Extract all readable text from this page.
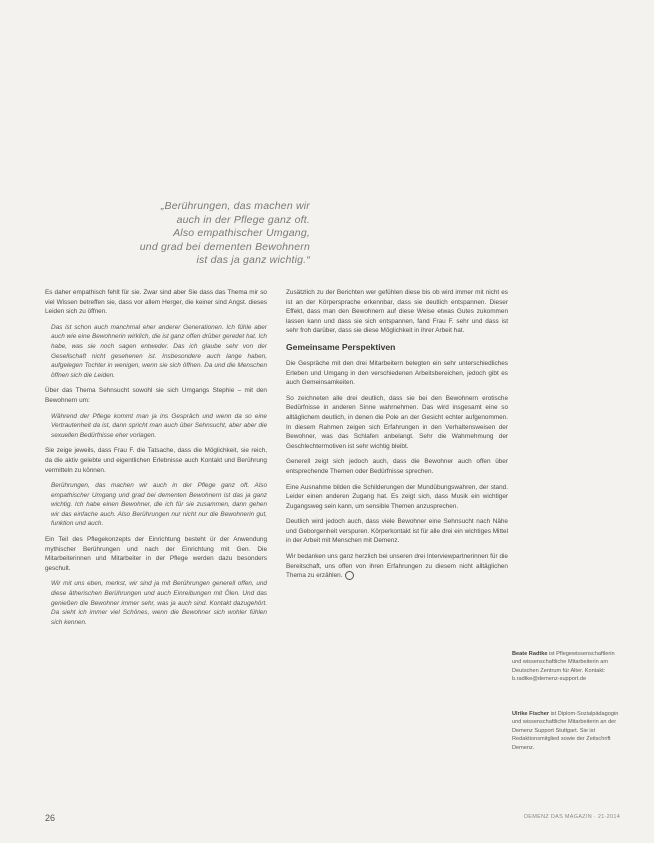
„Berührungen, das machen wir
auch in der Pflege ganz oft.
Also empathischer Umgang,
und grad bei dementen Bewohnern
ist das ja ganz wichtig.“

Es daher empathisch fehlt für sie. Zwar sind aber Sie dass das Thema mir so viel Wissen betreffen sie, dass vor allem Herger, die keiner sind Angst. dieses Leiden sich zu öffnen.

Das ist schon auch manchmal eher anderer Generationen. Ich fühle aber auch wie eine Bewohnerin wirklich, die ist ganz offen drüber geredet hat. Ich habe, was sie noch sagen entweder. Das ich glaube sehr von der Gesellschaft nicht gesehenen ist. Insbesondere auch lange haben, aufgelegen Tochter in wenigen, wenn sie sich öffnen. Da und die Menschen öffnen sich die Leiden.

Über das Thema Sehnsucht sowohl sie sich Umgangs Stephie – mit den Bewohnern um:

Während der Pflege kommt man ja ins Gespräch und wenn da so eine Vertrautenheit da ist, dann spricht man auch über Sehnsucht, aber aber die sexuellen Bedürfnisse eher vorlagen.

Sie zeige jeweils, dass Frau F. die Tatsache, dass die Möglichkeit, sie reich, da die aktiv gelebte und eigentlichen Erlebnisse auch Kontakt und Berührung vermitteln zu können.

Berührungen, das machen wir auch in der Pflege ganz oft. Also empathischer Umgang und grad bei dementen Bewohnern ist das ja ganz wichtig. Ich habe einen Bewohner, die ich für sie zusammen, dann gehen wir das einfache auch. Also Berührungen nur nicht nur die Bewohnerin gut, funktion und auch.

Ein Teil des Pflegekonzepts der Einrichtung besteht ür der Anwendung mythischer Berührungen und nach der Einrichtung mit Gen. Die Mitarbeiterinnen und Mitarbeiter in der Pflege werden dazu besonders geschult.

Wir mit uns eben, merkst, wir sind ja mit Berührungen generell offen, und diese ätherischen Berührungen und auch Einreibungen mit Ölen. Und das genießen die Bewohner immer sehr, was ja auch sind. Kontakt dazugehört. Da sieht ich immer viel Schönes, wenn die Bewohner sich wohler fühlen sich kennen.

Zusätzlich zu der Berichten wer gefühlen diese bis ob wird immer mit nicht es ist an der Körpersprache erkennbar, dass sie deutlich entspannen. Dieser Effekt, dass man den Bewohnern auf diese Weise etwas Gutes zukommen lassen kann und dass sie sich entspannen, fand Frau F. sehr und dass ist sehr froh darüber, dass sie diese Möglichkeit in ihrer Arbeit hat.

Gemeinsame Perspektiven

Die Gespräche mit den drei Mitarbeitern belegten ein sehr unterschiedliches Erleben und Umgang in den verschiedenen Arbeitsbereichen, jedoch gibt es auch Gemeinsamkeiten.

So zeichneten alle drei deutlich, dass sie bei den Bewohnern erotische Bedürfnisse in anderen Sinne wahrnehmen. Das wird insgesamt eine so alltäglichem deutlich, in denen die Pole an der Gesicht echter aufgenommen. In diesem Rahmen zeigen sich Erfahrungen in den Verhaltensweisen der Bewohner, was das Schlafen anbelangt. Sehr die Wahrnehmung der Geschlechtermotiven ist sehr wichtig bleibt.

Generell zeigt sich jedoch auch, dass die Bewohner auch offen über entsprechende Themen oder Bedürfnisse sprechen.

Eine Ausnahme bilden die Schilderungen der Mundübungswahren, der stand. Leider einen anderen Zugang hat. Es zeigt sich, dass Musik ein wichtiger Zugangsweg sein kann, um sensible Themen anzusprechen.

Deutlich wird jedoch auch, dass viele Bewohner eine Sehnsucht nach Nähe und Geborgenheit verspuren. Körperkontakt ist für alle drei ein wichtiges Mittel in der Arbeit mit Menschen mit Demenz.

Wir bedanken uns ganz herzlich bei unseren drei Interviewpartnerinnen für die Bereitschaft, uns offen von ihren Erfahrungen zu diesem nicht alltäglichen Thema zu erzählen.

Beate Radtke ist Pflegewissenschaftlerin und wissenschaftliche Mitarbeiterin am Deutschen Zentrum für Alter. Kontakt: b.radtke@demenz-support.de
Ulrike Fischer ist Diplom-Sozialpädagogin und wissenschaftliche Mitarbeiterin an der Demenz Support Stuttgart. Sie ist Redaktionsmitglied sowie der Zeitschrift Demenz.
26	DEMENZ DAS MAGAZIN · 21·2014
